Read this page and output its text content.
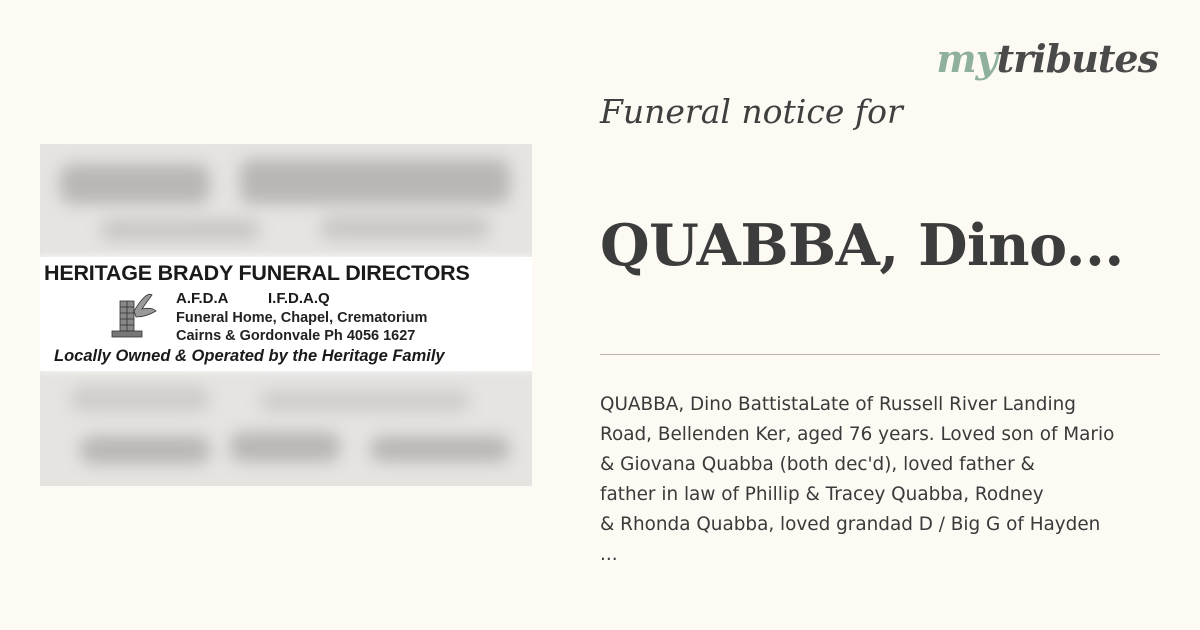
mytributes
HERITAGE BRADY FUNERAL DIRECTORS
A.F.D.A	I.F.D.A.Q
Funeral Home, Chapel, Crematorium
Cairns & Gordonvale Ph 4056 1627
Locally Owned & Operated by the Heritage Family
Funeral notice for
QUABBA, Dino...
QUABBA, Dino BattistaLate of Russell River Landing
Road, Bellenden Ker, aged 76 years. Loved son of Mario
& Giovana Quabba (both dec'd), loved father &
father in law of Phillip & Tracey Quabba, Rodney
& Rhonda Quabba, loved grandad D / Big G of Hayden
...
